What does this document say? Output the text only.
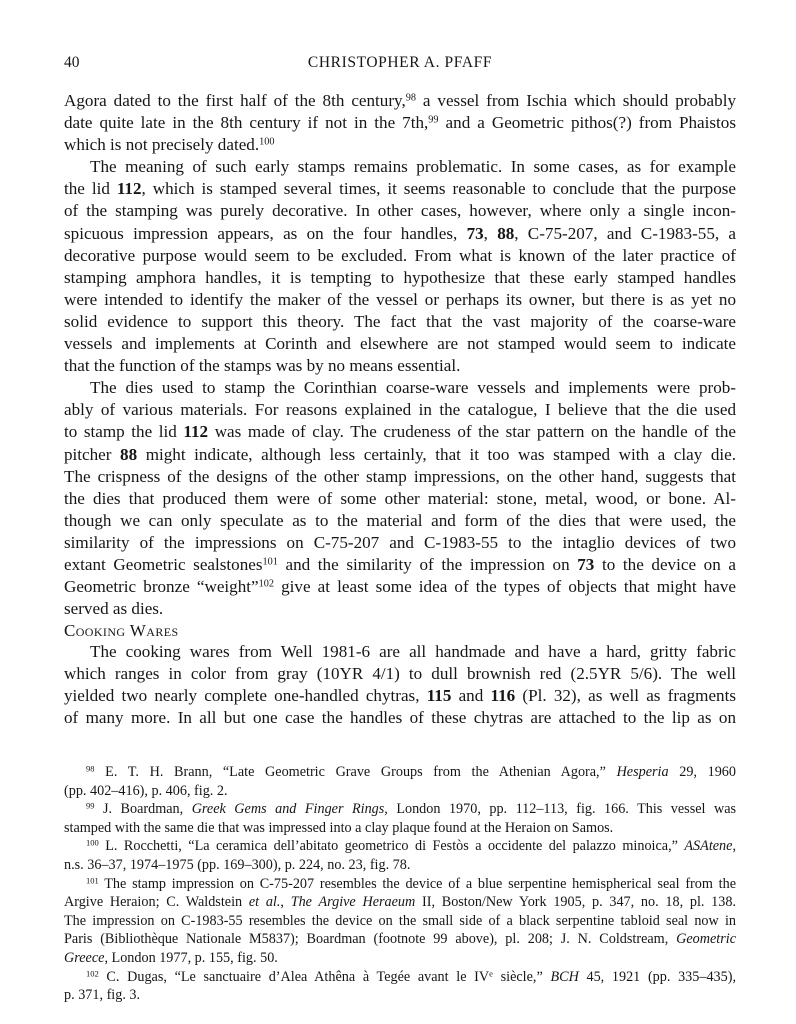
40	CHRISTOPHER A. PFAFF
Agora dated to the first half of the 8th century,$^{98}$ a vessel from Ischia which should probably
date quite late in the 8th century if not in the 7th,$^{99}$ and a Geometric pithos(?) from Phaistos
which is not precisely dated.$^{100}$
The meaning of such early stamps remains problematic. In some cases, as for example
the lid 112, which is stamped several times, it seems reasonable to conclude that the purpose
of the stamping was purely decorative. In other cases, however, where only a single incon-
spicuous impression appears, as on the four handles, 73, 88, C-75-207, and C-1983-55, a
decorative purpose would seem to be excluded. From what is known of the later practice of
stamping amphora handles, it is tempting to hypothesize that these early stamped handles
were intended to identify the maker of the vessel or perhaps its owner, but there is as yet no
solid evidence to support this theory. The fact that the vast majority of the coarse-ware
vessels and implements at Corinth and elsewhere are not stamped would seem to indicate
that the function of the stamps was by no means essential.
The dies used to stamp the Corinthian coarse-ware vessels and implements were prob-
ably of various materials. For reasons explained in the catalogue, I believe that the die used
to stamp the lid 112 was made of clay. The crudeness of the star pattern on the handle of the
pitcher 88 might indicate, although less certainly, that it too was stamped with a clay die.
The crispness of the designs of the other stamp impressions, on the other hand, suggests that
the dies that produced them were of some other material: stone, metal, wood, or bone. Al-
though we can only speculate as to the material and form of the dies that were used, the
similarity of the impressions on C-75-207 and C-1983-55 to the intaglio devices of two
extant Geometric sealstones$^{101}$ and the similarity of the impression on 73 to the device on a
Geometric bronze “weight”$^{102}$ give at least some idea of the types of objects that might have
served as dies.
Cooking Wares
The cooking wares from Well 1981-6 are all handmade and have a hard, gritty fabric
which ranges in color from gray (10YR 4/1) to dull brownish red (2.5YR 5/6). The well
yielded two nearly complete one-handled chytras, 115 and 116 (Pl. 32), as well as fragments
of many more. In all but one case the handles of these chytras are attached to the lip as on
$^{98}$ E. T. H. Brann, “Late Geometric Grave Groups from the Athenian Agora,” Hesperia 29, 1960
(pp. 402–416), p. 406, fig. 2.
$^{99}$ J. Boardman, Greek Gems and Finger Rings, London 1970, pp. 112–113, fig. 166. This vessel was
stamped with the same die that was impressed into a clay plaque found at the Heraion on Samos.
$^{100}$ L. Rocchetti, “La ceramica dell’abitato geometrico di Festòs a occidente del palazzo minoica,” ASAtene,
n.s. 36–37, 1974–1975 (pp. 169–300), p. 224, no. 23, fig. 78.
$^{101}$ The stamp impression on C-75-207 resembles the device of a blue serpentine hemispherical seal from the
Argive Heraion; C. Waldstein et al., The Argive Heraeum II, Boston/New York 1905, p. 347, no. 18, pl. 138.
The impression on C-1983-55 resembles the device on the small side of a black serpentine tabloid seal now in
Paris (Bibliothèque Nationale M5837); Boardman (footnote 99 above), pl. 208; J. N. Coldstream, Geometric
Greece, London 1977, p. 155, fig. 50.
$^{102}$ C. Dugas, “Le sanctuaire d’Alea Athêna à Tegée avant le IVe siècle,” BCH 45, 1921 (pp. 335–435),
p. 371, fig. 3.
